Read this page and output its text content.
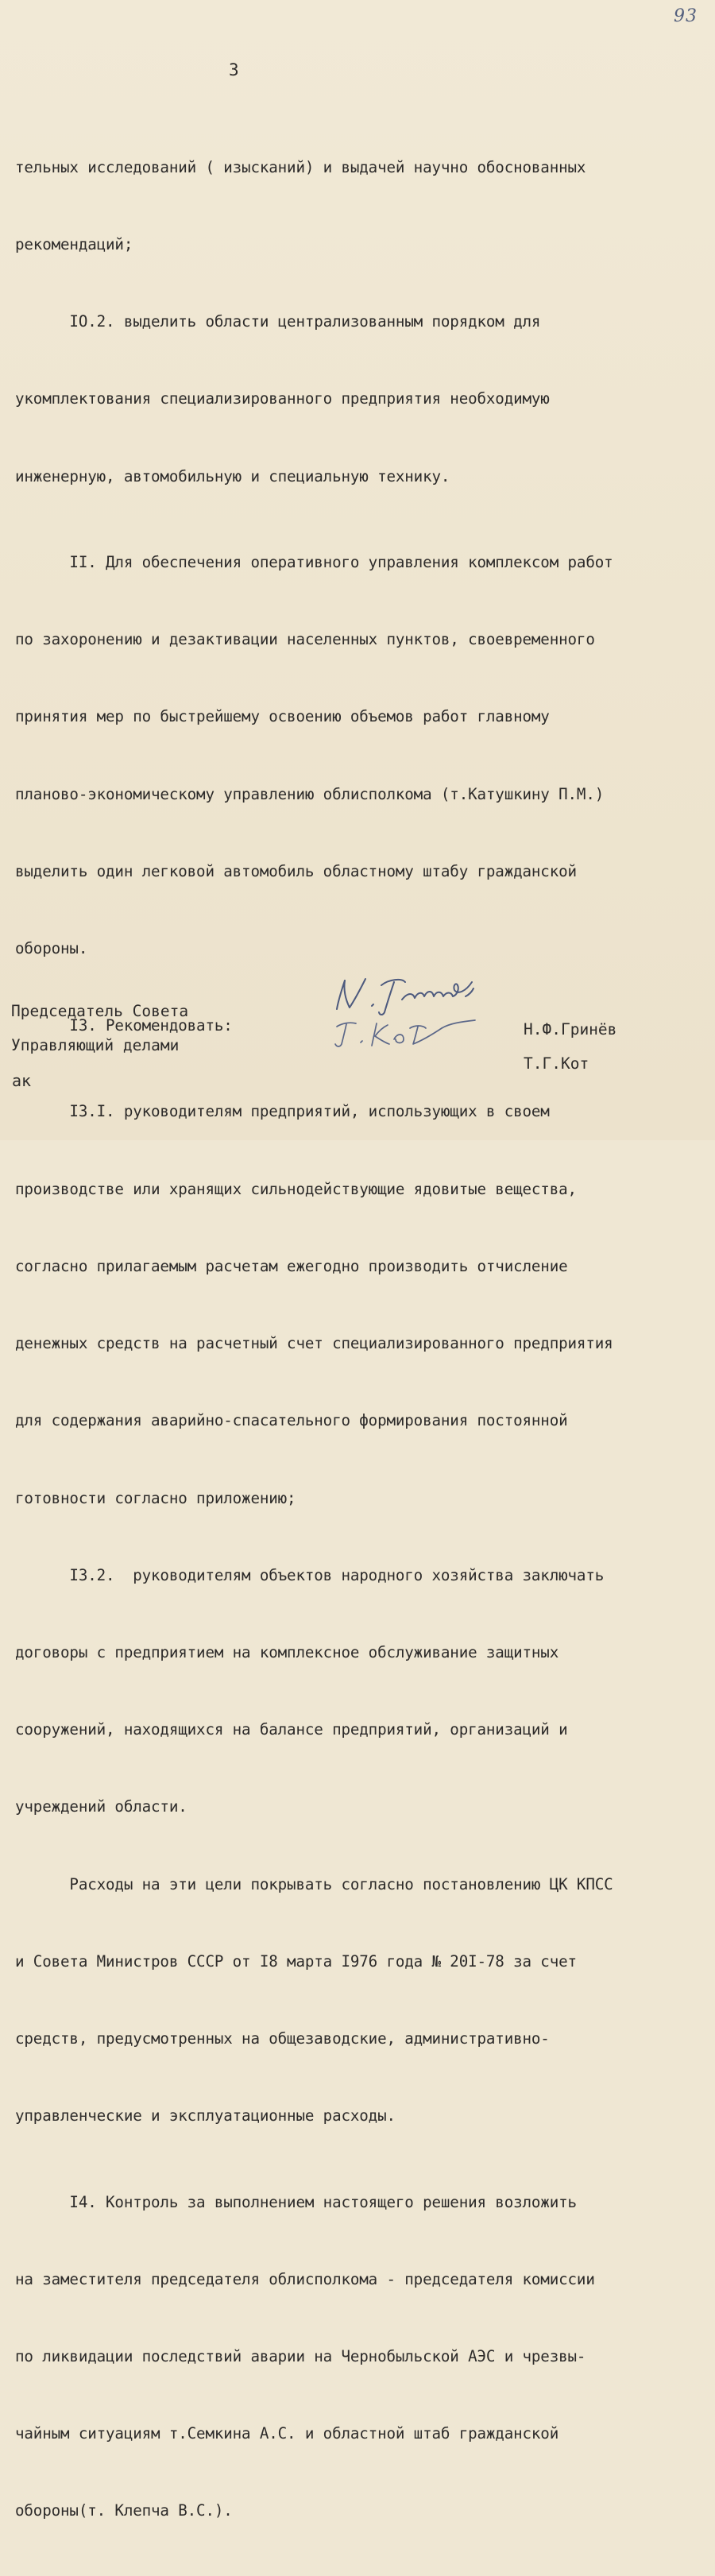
93
3

тельных исследований ( изысканий) и выдачей научно обоснованных

рекомендаций;

IO.2. выделить области централизованным порядком для

укомплектования специализированного предприятия необходимую

инженерную, автомобильную и специальную технику.

II. Для обеспечения оперативного управления комплексом работ

по захоронению и дезактивации населенных пунктов, своевременного

принятия мер по быстрейшему освоению объемов работ главному

планово-экономическому управлению облисполкома (т.Катушкину П.М.)

выделить один легковой автомобиль областному штабу гражданской

обороны.

I3. Рекомендовать:

I3.I. руководителям предприятий, использующих в своем

производстве или хранящих сильнодействующие ядовитые вещества,

согласно прилагаемым расчетам ежегодно производить отчисление

денежных средств на расчетный счет специализированного предприятия

для содержания аварийно-спасательного формирования постоянной

готовности согласно приложению;

I3.2.  руководителям объектов народного хозяйства заключать

договоры с предприятием на комплексное обслуживание защитных

сооружений, находящихся на балансе предприятий, организаций и

учреждений области.

Расходы на эти цели покрывать согласно постановлению ЦК КПСС

и Совета Министров СССР от I8 марта I976 года № 20I-78 за счет

средств, предусмотренных на общезаводские, административно-

управленческие и эксплуатационные расходы.

I4. Контроль за выполнением настоящего решения возложить

на заместителя председателя облисполкома - председателя комиссии

по ликвидации последствий аварии на Чернобыльской АЭС и чрезвы-

чайным ситуациям т.Семкина А.С. и областной штаб гражданской

обороны(т. Клепча В.С.).

Председатель Совета

Н.Ф.Гринёв

Управляющий делами

Т.Г.Кот

ак
